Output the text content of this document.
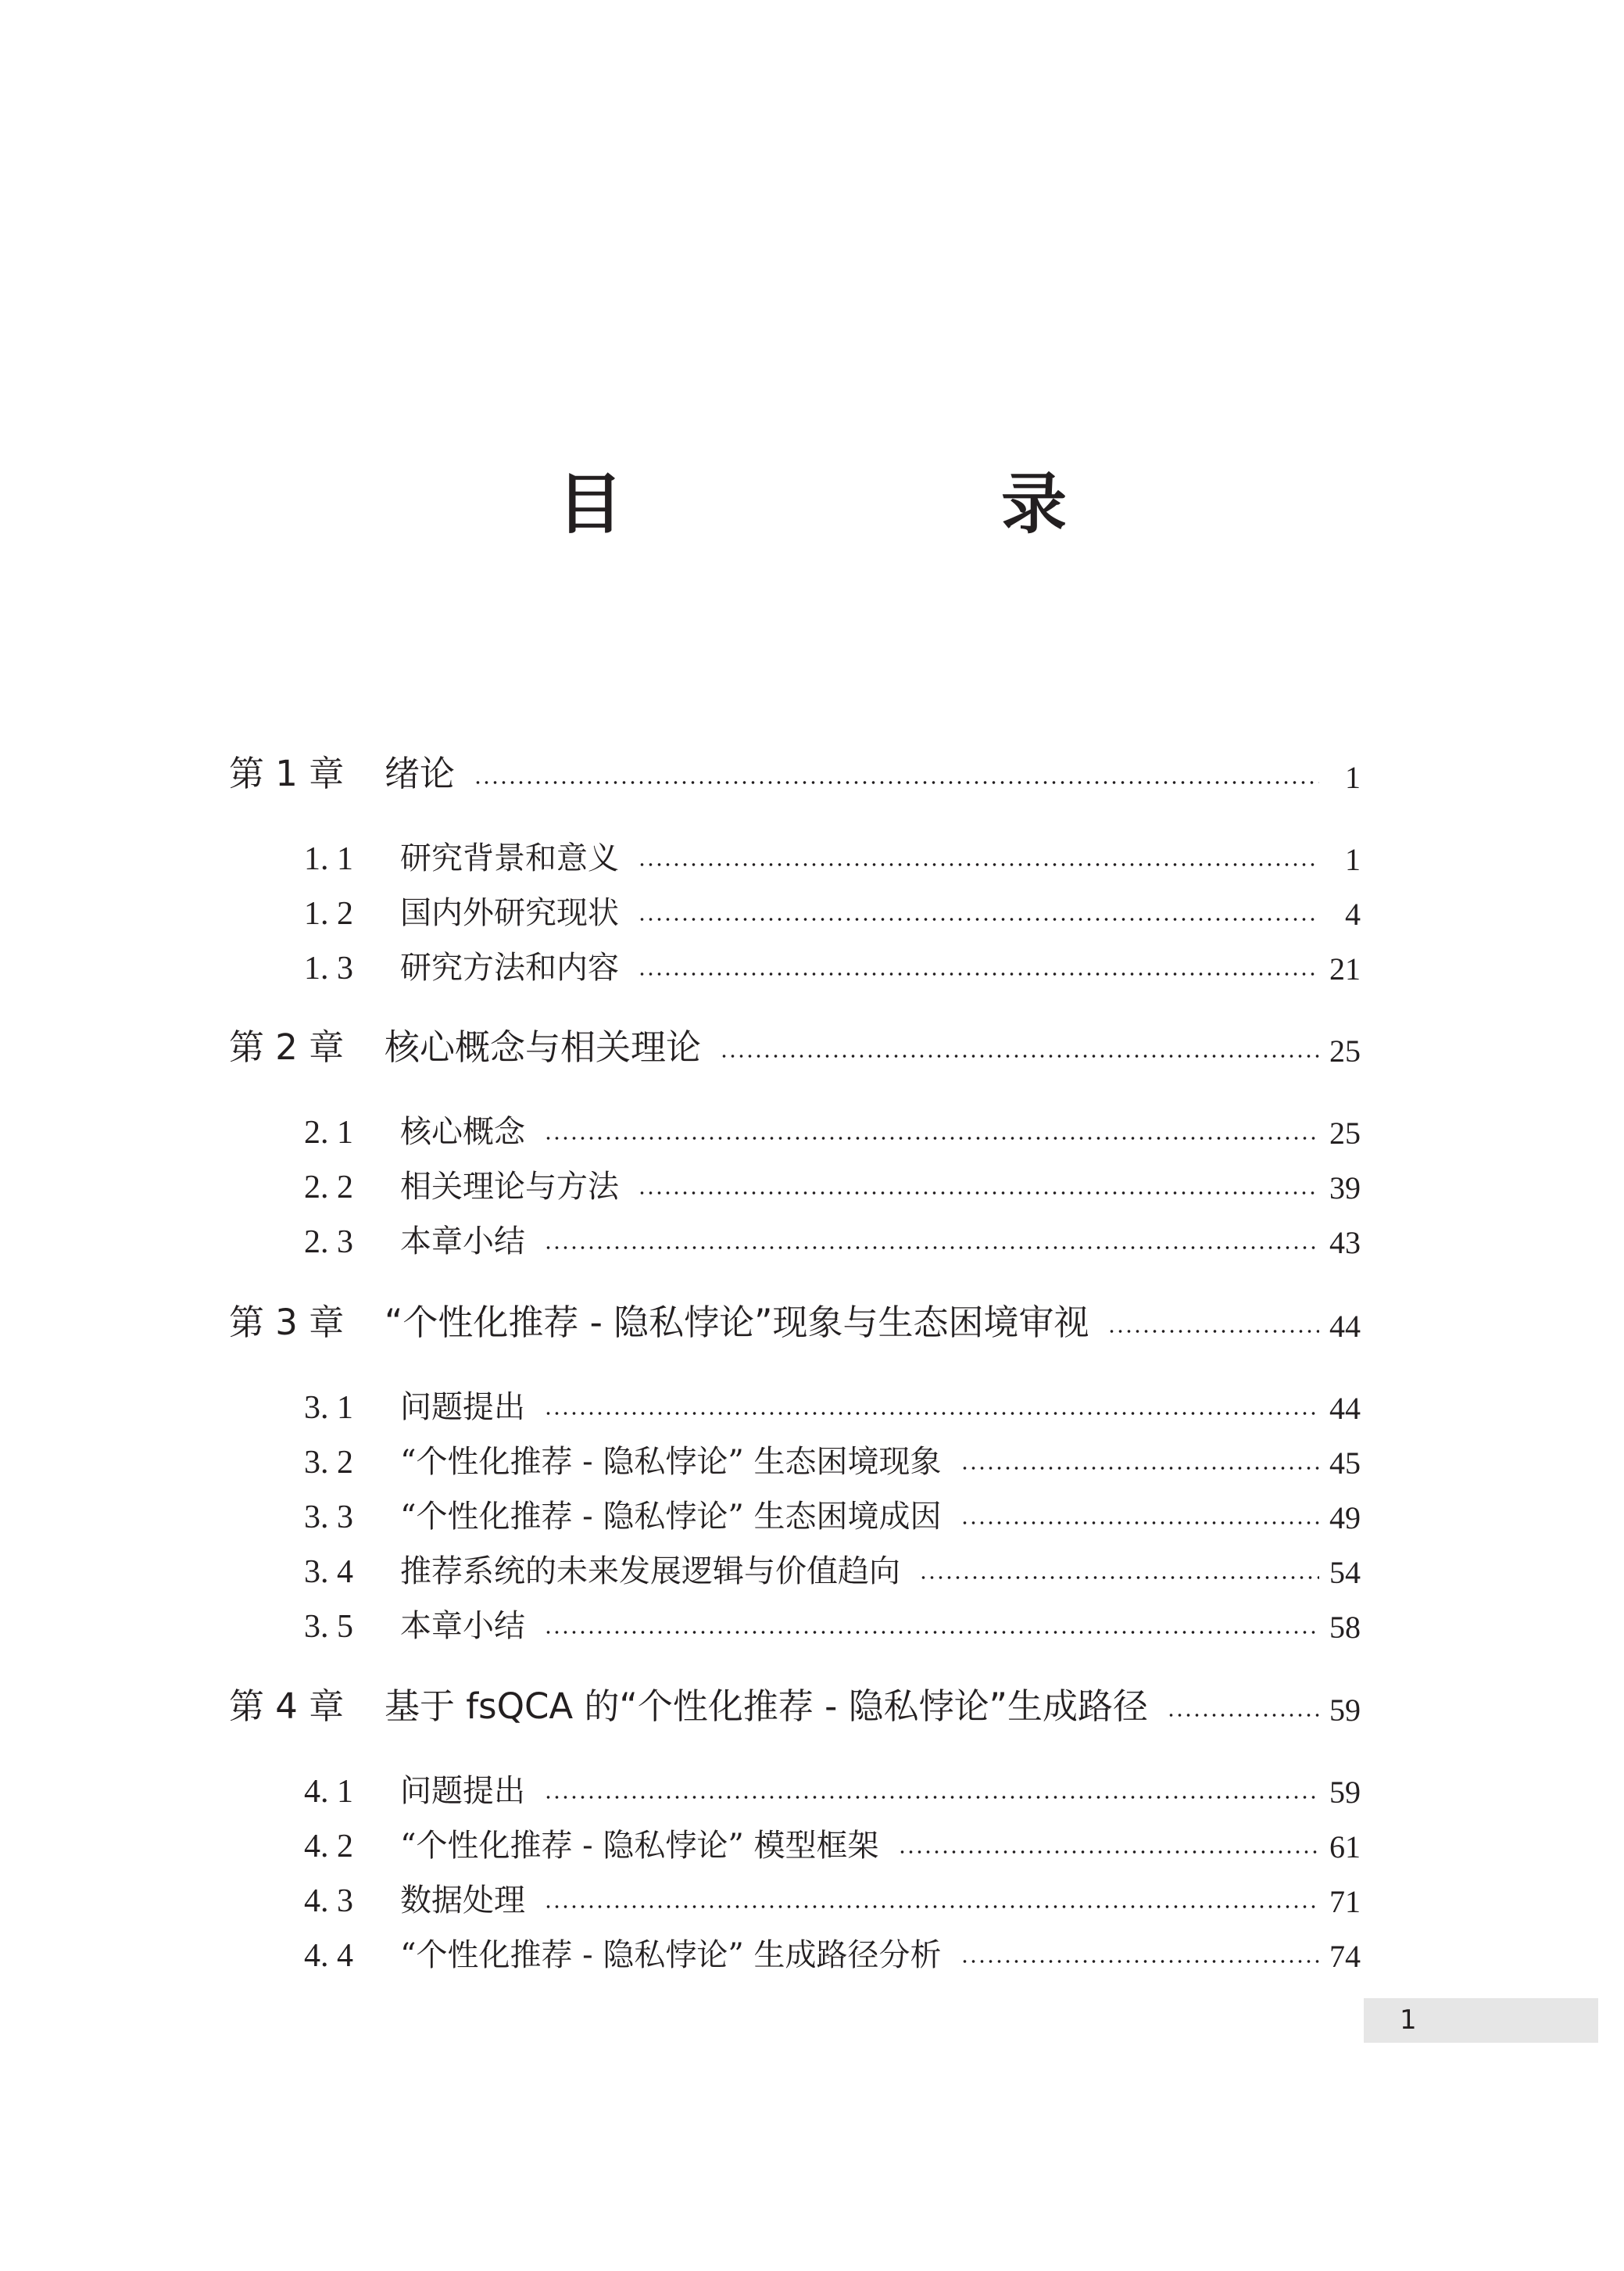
目　录
第 1 章 绪论	1
1. 1 研究背景和意义	1
1. 2 国内外研究现状	4
1. 3 研究方法和内容	21
第 2 章 核心概念与相关理论	25
2. 1 核心概念	25
2. 2 相关理论与方法	39
2. 3 本章小结	43
第 3 章 “个性化推荐 - 隐私悖论”现象与生态困境审视	44
3. 1 问题提出	44
3. 2 “个性化推荐 - 隐私悖论” 生态困境现象	45
3. 3 “个性化推荐 - 隐私悖论” 生态困境成因	49
3. 4 推荐系统的未来发展逻辑与价值趋向	54
3. 5 本章小结	58
第 4 章 基于 fsQCA 的“个性化推荐 - 隐私悖论”生成路径	59
4. 1 问题提出	59
4. 2 “个性化推荐 - 隐私悖论” 模型框架	61
4. 3 数据处理	71
4. 4 “个性化推荐 - 隐私悖论” 生成路径分析	74
1
